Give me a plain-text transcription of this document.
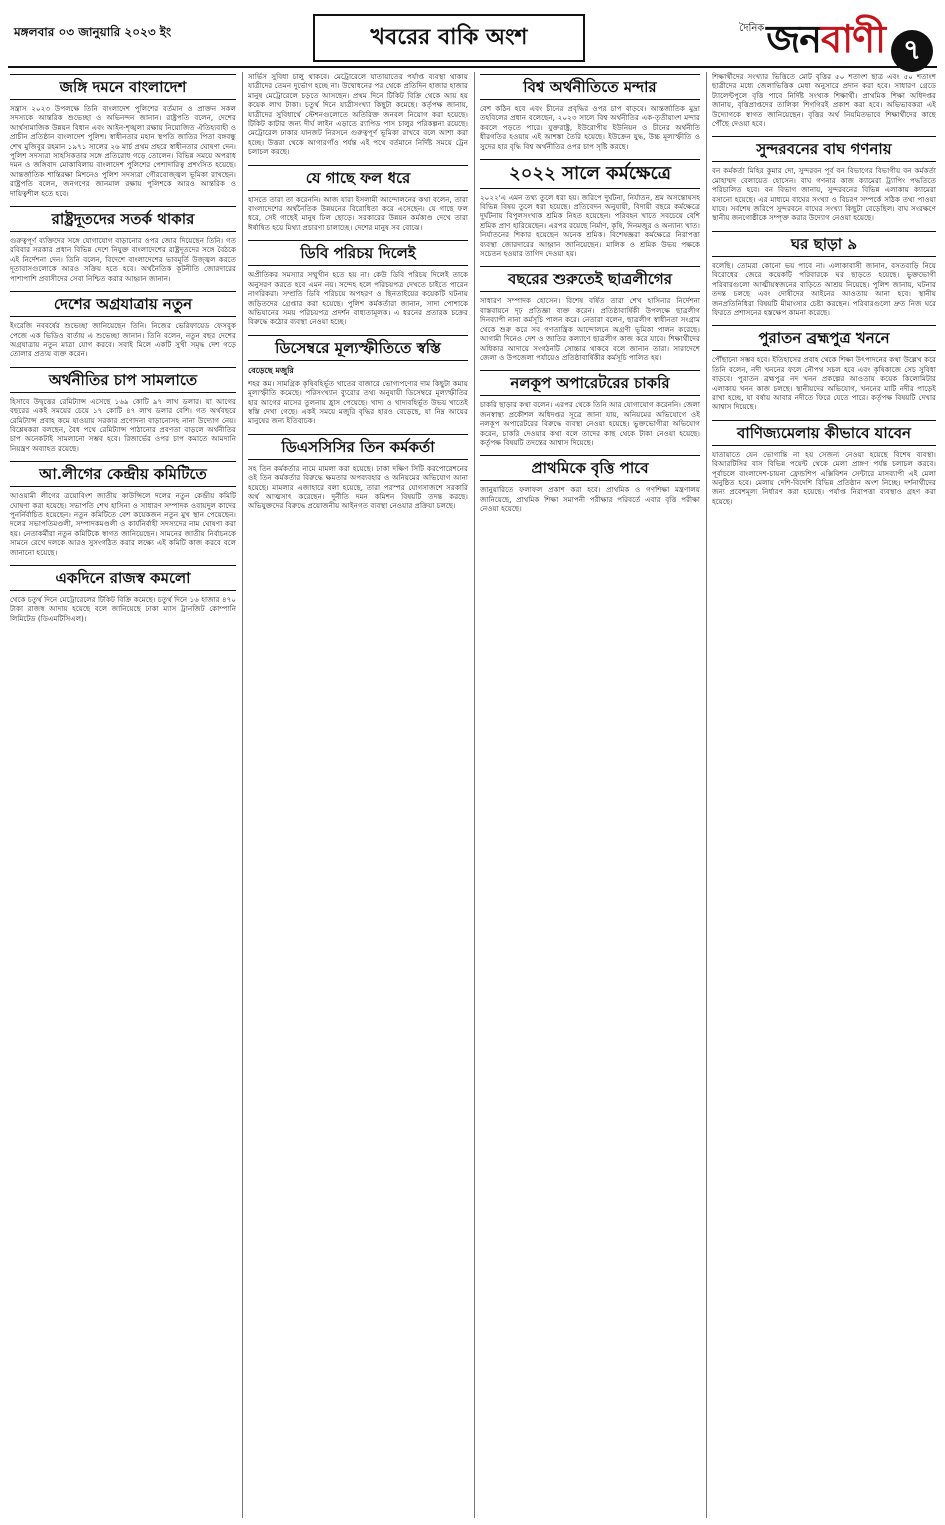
মঙ্গলবার ০৩ জানুয়ারি ২০২৩ ইং	খবরের বাকি অংশ	দৈনিক জনবাণী ৭
জঙ্গি দমনে বাংলাদেশ

সন্ত্রাস ২০২৩ উপলক্ষে তিনি বাংলাদেশ পুলিশের বর্তমান ও প্রাক্তন সকল সদস্যকে আন্তরিক শুভেচ্ছা ও অভিনন্দন জানান। রাষ্ট্রপতি বলেন, দেশের আর্থসামাজিক উন্নয়ন বিধান এবং আইন-শৃঙ্খলা রক্ষায় নিয়োজিত ঐতিহ্যবাহী ও প্রাচীন প্রতিষ্ঠান বাংলাদেশ পুলিশ। স্বাধীনতার মহান স্থপতি জাতির পিতা বঙ্গবন্ধু শেখ মুজিবুর রহমান ১৯৭১ সালের ২৬ মার্চ প্রথম প্রহরে স্বাধীনতার ঘোষণা দেন। পুলিশ সদস্যরা সাহসিকতার সঙ্গে প্রতিরোধ গড়ে তোলেন। বিভিন্ন সময়ে অপরাধ দমন ও জঙ্গিবাদ মোকাবিলায় বাংলাদেশ পুলিশের পেশাদারিত্ব প্রশংসিত হয়েছে। আন্তর্জাতিক শান্তিরক্ষা মিশনেও পুলিশ সদস্যরা গৌরবোজ্জ্বল ভূমিকা রাখছেন। রাষ্ট্রপতি বলেন, জনগণের জানমাল রক্ষায় পুলিশকে আরও আন্তরিক ও দায়িত্বশীল হতে হবে।

রাষ্ট্রদূতদের সতর্ক থাকার

গুরুত্বপূর্ণ ব্যক্তিদের সঙ্গে যোগাযোগ বাড়ানোর ওপর জোর দিয়েছেন তিনি। গত রবিবার সরকার প্রধান বিভিন্ন দেশে নিযুক্ত বাংলাদেশের রাষ্ট্রদূতদের সঙ্গে বৈঠকে এই নির্দেশনা দেন। তিনি বলেন, বিদেশে বাংলাদেশের ভাবমূর্তি উজ্জ্বল করতে দূতাবাসগুলোকে আরও সক্রিয় হতে হবে। অর্থনৈতিক কূটনীতি জোরদারের পাশাপাশি প্রবাসীদের সেবা নিশ্চিত করার আহ্বান জানান।

দেশের অগ্রযাত্রায় নতুন

ইংরেজি নববর্ষের শুভেচ্ছা জানিয়েছেন তিনি। নিজের ভেরিফায়েড ফেসবুক পেজে এক ভিডিও বার্তায় এ শুভেচ্ছা জানান। তিনি বলেন, নতুন বছর দেশের অগ্রযাত্রায় নতুন মাত্রা যোগ করবে। সবাই মিলে একটি সুখী সমৃদ্ধ দেশ গড়ে তোলার প্রত্যয় ব্যক্ত করেন।

অর্থনীতির চাপ সামলাতে

হিসাবে উদ্বৃত্তের রেমিট্যান্স এসেছে ১৬৯ কোটি ৯৭ লাখ ডলার। যা আগের বছরের একই সময়ের চেয়ে ১৭ কোটি ৪৭ লাখ ডলার বেশি। গত অর্থবছরে রেমিট্যান্স প্রবাহ কমে যাওয়ায় সরকার প্রণোদনা বাড়ানোসহ নানা উদ্যোগ নেয়। বিশ্লেষকরা বলছেন, বৈধ পথে রেমিট্যান্স পাঠানোর প্রবণতা বাড়লে অর্থনীতির চাপ অনেকটাই সামলানো সম্ভব হবে। রিজার্ভের ওপর চাপ কমাতে আমদানি নিয়ন্ত্রণ অব্যাহত রয়েছে।

আ.লীগের কেন্দ্রীয় কমিটিতে

আওয়ামী লীগের ত্রয়োবিংশ জাতীয় কাউন্সিলে দলের নতুন কেন্দ্রীয় কমিটি ঘোষণা করা হয়েছে। সভাপতি শেখ হাসিনা ও সাধারণ সম্পাদক ওবায়দুল কাদের পুনর্নির্বাচিত হয়েছেন। নতুন কমিটিতে বেশ কয়েকজন নতুন মুখ স্থান পেয়েছেন। দলের সভাপতিমণ্ডলী, সম্পাদকমণ্ডলী ও কার্যনির্বাহী সদস্যদের নাম ঘোষণা করা হয়। নেতাকর্মীরা নতুন কমিটিকে স্বাগত জানিয়েছেন। সামনের জাতীয় নির্বাচনকে সামনে রেখে দলকে আরও সুসংগঠিত করার লক্ষ্যে এই কমিটি কাজ করবে বলে জানানো হয়েছে।

একদিনে রাজস্ব কমলো

থেকে চতুর্থ দিনে মেট্রোরেলের টিকিট বিক্রি কমেছে। চতুর্থ দিনে ১৬ হাজার ৪৭০ টাকা রাজস্ব আদায় হয়েছে বলে জানিয়েছে ঢাকা ম্যাস ট্রানজিট কোম্পানি লিমিটেড (ডিএমটিসিএল)।

সার্ভিস সুবিধা চালু থাকবে। মেট্রোরেলে যাতায়াতের পর্যাপ্ত ব্যবস্থা থাকায় যাত্রীদের তেমন দুর্ভোগ হচ্ছে না। উদ্বোধনের পর থেকে প্রতিদিন হাজার হাজার মানুষ মেট্রোরেলে চড়তে আসছেন। প্রথম দিনে টিকিট বিক্রি থেকে আয় হয় কয়েক লাখ টাকা। চতুর্থ দিনে যাত্রীসংখ্যা কিছুটা কমেছে। কর্তৃপক্ষ জানায়, যাত্রীদের সুবিধার্থে স্টেশনগুলোতে অতিরিক্ত জনবল নিয়োগ করা হয়েছে। টিকিট কাটার জন্য দীর্ঘ লাইন এড়াতে র‍্যাপিড পাস চালুর পরিকল্পনা রয়েছে। মেট্রোরেল ঢাকার যানজট নিরসনে গুরুত্বপূর্ণ ভূমিকা রাখবে বলে আশা করা হচ্ছে। উত্তরা থেকে আগারগাঁও পর্যন্ত এই পথে বর্তমানে নির্দিষ্ট সময়ে ট্রেন চলাচল করছে।

যে গাছে ফল ধরে

হাসতে তারা তা করেননি। আজ যারা ইসলামী আন্দোলনের কথা বলেন, তারা বাংলাদেশের অর্থনৈতিক উন্নয়নের বিরোধিতা করে এসেছেন। যে গাছে ফল ধরে, সেই গাছেই মানুষ ঢিল ছোড়ে। সরকারের উন্নয়ন কর্মকাণ্ড দেখে তারা ঈর্ষান্বিত হয়ে মিথ্যা প্রচারণা চালাচ্ছে। দেশের মানুষ সব বোঝে।

ডিবি পরিচয় দিলেই

অপ্রীতিকর সমস্যার সম্মুখীন হতে হয় না। কেউ ডিবি পরিচয় দিলেই তাকে অনুসরণ করতে হবে এমন নয়। সন্দেহ হলে পরিচয়পত্র দেখতে চাইতে পারেন নাগরিকরা। সম্প্রতি ডিবি পরিচয়ে অপহরণ ও ছিনতাইয়ের কয়েকটি ঘটনায় জড়িতদের গ্রেপ্তার করা হয়েছে। পুলিশ কর্মকর্তারা জানান, সাদা পোশাকে অভিযানের সময় পরিচয়পত্র প্রদর্শন বাধ্যতামূলক। এ ধরনের প্রতারক চক্রের বিরুদ্ধে কঠোর ব্যবস্থা নেওয়া হচ্ছে।

ডিসেম্বরে মূল্যস্ফীতিতে স্বস্তি
বেড়েছে মজুরি

শহর কম। সামগ্রিক কৃষিবহির্ভূত খাতের বাজারে ভোগ্যপণ্যের দাম কিছুটা কমায় মূল্যস্ফীতি কমেছে। পরিসংখ্যান ব্যুরোর তথ্য অনুযায়ী ডিসেম্বরে মূল্যস্ফীতির হার আগের মাসের তুলনায় হ্রাস পেয়েছে। খাদ্য ও খাদ্যবহির্ভূত উভয় খাতেই স্বস্তি দেখা গেছে। একই সময়ে মজুরি বৃদ্ধির হারও বেড়েছে, যা নিম্ন আয়ের মানুষের জন্য ইতিবাচক।

ডিএসসিসির তিন কর্মকর্তা

সহ তিন কর্মকর্তার নামে মামলা করা হয়েছে। ঢাকা দক্ষিণ সিটি করপোরেশনের ওই তিন কর্মকর্তার বিরুদ্ধে ক্ষমতার অপব্যবহার ও অনিয়মের অভিযোগ আনা হয়েছে। মামলার এজাহারে বলা হয়েছে, তারা পরস্পর যোগসাজশে সরকারি অর্থ আত্মসাৎ করেছেন। দুর্নীতি দমন কমিশন বিষয়টি তদন্ত করছে। অভিযুক্তদের বিরুদ্ধে প্রয়োজনীয় আইনগত ব্যবস্থা নেওয়ার প্রক্রিয়া চলছে।

বিশ্ব অর্থনীতিতে মন্দার

বেশ কঠিন হবে এবং চীনের প্রবৃদ্ধির ওপর চাপ বাড়বে। আন্তর্জাতিক মুদ্রা তহবিলের প্রধান বলেছেন, ২০২৩ সালে বিশ্ব অর্থনীতির এক-তৃতীয়াংশ মন্দার কবলে পড়তে পারে। যুক্তরাষ্ট্র, ইউরোপীয় ইউনিয়ন ও চীনের অর্থনীতি ধীরগতির হওয়ায় এই আশঙ্কা তৈরি হয়েছে। ইউক্রেন যুদ্ধ, উচ্চ মূল্যস্ফীতি ও সুদের হার বৃদ্ধি বিশ্ব অর্থনীতির ওপর চাপ সৃষ্টি করছে।

২০২২ সালে কর্মক্ষেত্রে

২০২২'এ এমন তথ্য তুলে ধরা হয়। জরিপে দুর্ঘটনা, নির্যাতন, শ্রম অসন্তোষসহ বিভিন্ন বিষয় তুলে ধরা হয়েছে। প্রতিবেদন অনুযায়ী, বিদায়ী বছরে কর্মক্ষেত্রে দুর্ঘটনায় বিপুলসংখ্যক শ্রমিক নিহত হয়েছেন। পরিবহন খাতে সবচেয়ে বেশি শ্রমিক প্রাণ হারিয়েছেন। এরপর রয়েছে নির্মাণ, কৃষি, দিনমজুর ও অন্যান্য খাত। নির্যাতনের শিকার হয়েছেন অনেক শ্রমিক। বিশেষজ্ঞরা কর্মক্ষেত্রে নিরাপত্তা ব্যবস্থা জোরদারের আহ্বান জানিয়েছেন। মালিক ও শ্রমিক উভয় পক্ষকে সচেতন হওয়ার তাগিদ দেওয়া হয়।

বছরের শুরুতেই ছাত্রলীগের

সাধারণ সম্পাদক হোসেন। বিশেষ বর্ষিত তারা শেখ হাসিনার নির্দেশনা বাস্তবায়নে দৃঢ় প্রতিজ্ঞা ব্যক্ত করেন। প্রতিষ্ঠাবার্ষিকী উপলক্ষে ছাত্রলীগ দিনব্যাপী নানা কর্মসূচি পালন করে। নেতারা বলেন, ছাত্রলীগ স্বাধীনতা সংগ্রাম থেকে শুরু করে সব গণতান্ত্রিক আন্দোলনে অগ্রণী ভূমিকা পালন করেছে। আগামী দিনেও দেশ ও জাতির কল্যাণে ছাত্রলীগ কাজ করে যাবে। শিক্ষার্থীদের অধিকার আদায়ে সংগঠনটি সোচ্চার থাকবে বলে জানান তারা। সারাদেশে জেলা ও উপজেলা পর্যায়েও প্রতিষ্ঠাবার্ষিকীর কর্মসূচি পালিত হয়।

নলকূপ অপারেটরের চাকরি

চাকরি ছাড়ার কথা বলেন। এরপর থেকে তিনি আর যোগাযোগ করেননি। জেলা জনস্বাস্থ্য প্রকৌশল অধিদপ্তর সূত্রে জানা যায়, অনিয়মের অভিযোগে ওই নলকূপ অপারেটরের বিরুদ্ধে ব্যবস্থা নেওয়া হয়েছে। ভুক্তভোগীরা অভিযোগ করেন, চাকরি দেওয়ার কথা বলে তাদের কাছ থেকে টাকা নেওয়া হয়েছে। কর্তৃপক্ষ বিষয়টি তদন্তের আশ্বাস দিয়েছে।

প্রাথমিকে বৃত্তি পাবে

জানুয়ারিতে ফলাফল প্রকাশ করা হবে। প্রাথমিক ও গণশিক্ষা মন্ত্রণালয় জানিয়েছে, প্রাথমিক শিক্ষা সমাপনী পরীক্ষার পরিবর্তে এবার বৃত্তি পরীক্ষা নেওয়া হয়েছে।

শিক্ষার্থীদের সংখ্যার ভিত্তিতে মোট বৃত্তির ৫০ শতাংশ ছাত্র এবং ৫০ শতাংশ ছাত্রীদের মধ্যে জেলাভিত্তিক মেধা অনুসারে প্রদান করা হবে। সাধারণ গ্রেডে ট্যালেন্টপুলে বৃত্তি পাবে নির্দিষ্ট সংখ্যক শিক্ষার্থী। প্রাথমিক শিক্ষা অধিদপ্তর জানায়, বৃত্তিপ্রাপ্তদের তালিকা শিগগিরই প্রকাশ করা হবে। অভিভাবকরা এই উদ্যোগকে স্বাগত জানিয়েছেন। বৃত্তির অর্থ নিয়মিতভাবে শিক্ষার্থীদের কাছে পৌঁছে দেওয়া হবে।

সুন্দরবনের বাঘ গণনায়

বন কর্মকর্তা মিহির কুমার দো, সুন্দরবন পূর্ব বন বিভাগের বিভাগীয় বন কর্মকর্তা মোহাম্মদ বেলায়েত হোসেন। বাঘ গণনার কাজ ক্যামেরা ট্র্যাপিং পদ্ধতিতে পরিচালিত হবে। বন বিভাগ জানায়, সুন্দরবনের বিভিন্ন এলাকায় ক্যামেরা বসানো হয়েছে। এর মাধ্যমে বাঘের সংখ্যা ও বিচরণ সম্পর্কে সঠিক তথ্য পাওয়া যাবে। সর্বশেষ জরিপে সুন্দরবনে বাঘের সংখ্যা কিছুটা বেড়েছিল। বাঘ সংরক্ষণে স্থানীয় জনগোষ্ঠীকে সম্পৃক্ত করার উদ্যোগ নেওয়া হয়েছে।

ঘর ছাড়া ৯

বলেছি। তোমরা কোনো ভয় পাবে না। এলাকাবাসী জানান, বসতবাড়ি নিয়ে বিরোধের জেরে কয়েকটি পরিবারকে ঘর ছাড়তে হয়েছে। ভুক্তভোগী পরিবারগুলো আত্মীয়স্বজনের বাড়িতে আশ্রয় নিয়েছে। পুলিশ জানায়, ঘটনার তদন্ত চলছে এবং দোষীদের আইনের আওতায় আনা হবে। স্থানীয় জনপ্রতিনিধিরা বিষয়টি মীমাংসার চেষ্টা করছেন। পরিবারগুলো দ্রুত নিজ ঘরে ফিরতে প্রশাসনের হস্তক্ষেপ কামনা করেছে।

পুরাতন ব্রহ্মপুত্র খননে

পৌঁছানো সম্ভব হবে। ইতিহাসের প্রবাহ থেকে শিক্ষা উৎপাদনের কথা উল্লেখ করে তিনি বলেন, নদী খননের ফলে নৌপথ সচল হবে এবং কৃষিকাজে সেচ সুবিধা বাড়বে। পুরাতন ব্রহ্মপুত্র নদ খনন প্রকল্পের আওতায় কয়েক কিলোমিটার এলাকায় খনন কাজ চলছে। স্থানীয়দের অভিযোগ, খননের মাটি নদীর পাড়েই রাখা হচ্ছে, যা বর্ষায় আবার নদীতে ফিরে যেতে পারে। কর্তৃপক্ষ বিষয়টি দেখার আশ্বাস দিয়েছে।

বাণিজ্যমেলায় কীভাবে যাবেন

যাতায়াতে যেন ভোগান্তি না হয় সেজন্য নেওয়া হয়েছে বিশেষ ব্যবস্থা। বিআরটিসির বাস বিভিন্ন পয়েন্ট থেকে মেলা প্রাঙ্গণ পর্যন্ত চলাচল করবে। পূর্বাচলে বাংলাদেশ-চায়না ফ্রেন্ডশিপ এক্সিবিশন সেন্টারে মাসব্যাপী এই মেলা অনুষ্ঠিত হবে। মেলায় দেশি-বিদেশি বিভিন্ন প্রতিষ্ঠান অংশ নিচ্ছে। দর্শনার্থীদের জন্য প্রবেশমূল্য নির্ধারণ করা হয়েছে। পর্যাপ্ত নিরাপত্তা ব্যবস্থাও গ্রহণ করা হয়েছে।
